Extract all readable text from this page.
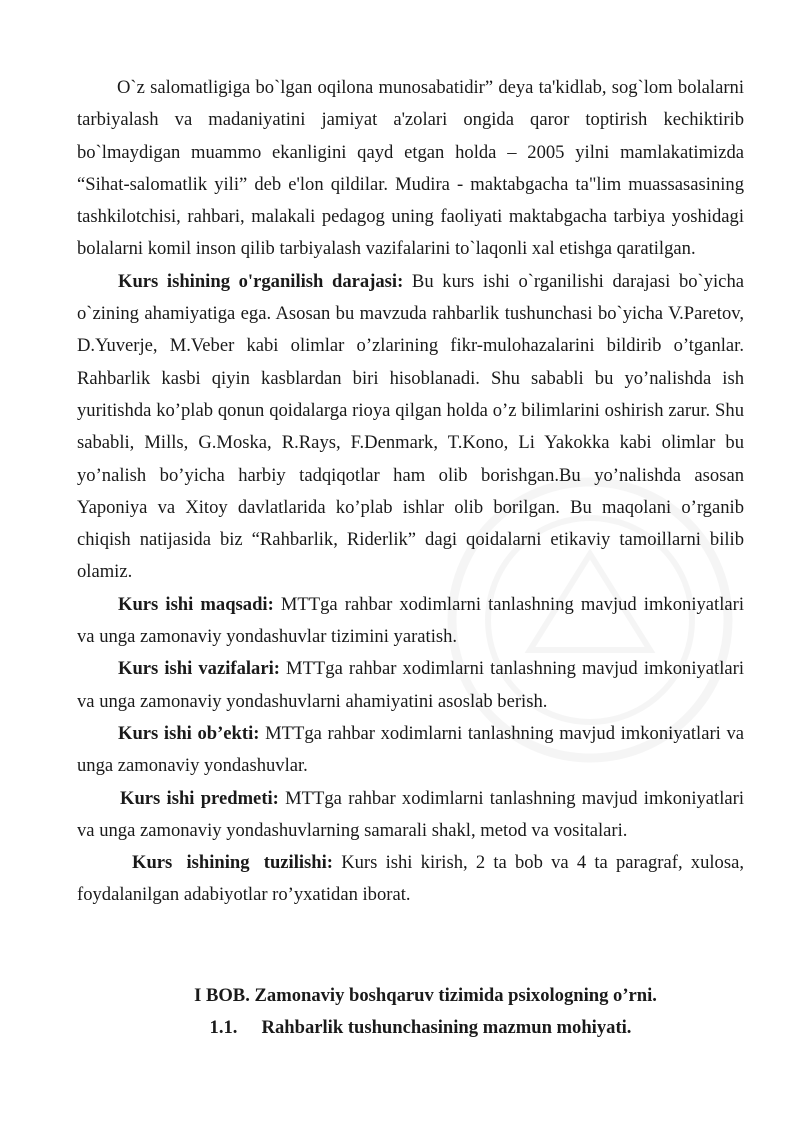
O`z salomatligiga bo`lgan oqilona munosabatidir” deya ta'kidlab, sog`lom bolalarni tarbiyalash va madaniyatini jamiyat a'zolari ongida qaror toptirish kechiktirib bo`lmaydigan muammo ekanligini qayd etgan holda – 2005 yilni mamlakatimizda “Sihat-salomatlik yili” deb e'lon qildilar. Mudira - maktabgacha ta"lim muassasasining tashkilotchisi, rahbari, malakali pedagog uning faoliyati maktabgacha tarbiya yoshidagi bolalarni komil inson qilib tarbiyalash vazifalarini to`laqonli xal etishga qaratilgan.

Kurs ishining o'rganilish darajasi: Bu kurs ishi o`rganilishi darajasi bo`yicha o`zining ahamiyatiga ega. Asosan bu mavzuda rahbarlik tushunchasi bo`yicha V.Paretov, D.Yuverje, M.Veber kabi olimlar o’zlarining fikr-mulohazalarini bildirib o’tganlar. Rahbarlik kasbi qiyin kasblardan biri hisoblanadi. Shu sababli bu yo’nalishda ish yuritishda ko’plab qonun qoidalarga rioya qilgan holda o’z bilimlarini oshirish zarur. Shu sababli, Mills, G.Moska, R.Rays, F.Denmark, T.Kono, Li Yakokka kabi olimlar bu yo’nalish bo’yicha harbiy tadqiqotlar ham olib borishgan.Bu yo’nalishda asosan Yaponiya va Xitoy davlatlarida ko’plab ishlar olib borilgan. Bu maqolani o’rganib chiqish natijasida biz “Rahbarlik, Riderlik” dagi qoidalarni etikaviy tamoillarni bilib olamiz.

Kurs ishi maqsadi: MTTga rahbar xodimlarni tanlashning mavjud imkoniyatlari va unga zamonaviy yondashuvlar tizimini yaratish.

Kurs ishi vazifalari: MTTga rahbar xodimlarni tanlashning mavjud imkoniyatlari va unga zamonaviy yondashuvlarni ahamiyatini asoslab berish.

Kurs ishi ob’ekti: MTTga rahbar xodimlarni tanlashning mavjud imkoniyatlari va unga zamonaviy yondashuvlar.

Kurs ishi predmeti: MTTga rahbar xodimlarni tanlashning mavjud imkoniyatlari va unga zamonaviy yondashuvlarning samarali shakl, metod va vositalari.

Kurs ishining tuzilishi: Kurs ishi kirish, 2 ta bob va 4 ta paragraf, xulosa, foydalanilgan adabiyotlar ro’yxatidan iborat.

I BOB. Zamonaviy boshqaruv tizimida psixologning o’rni.

1.1. Rahbarlik tushunchasining mazmun mohiyati.
